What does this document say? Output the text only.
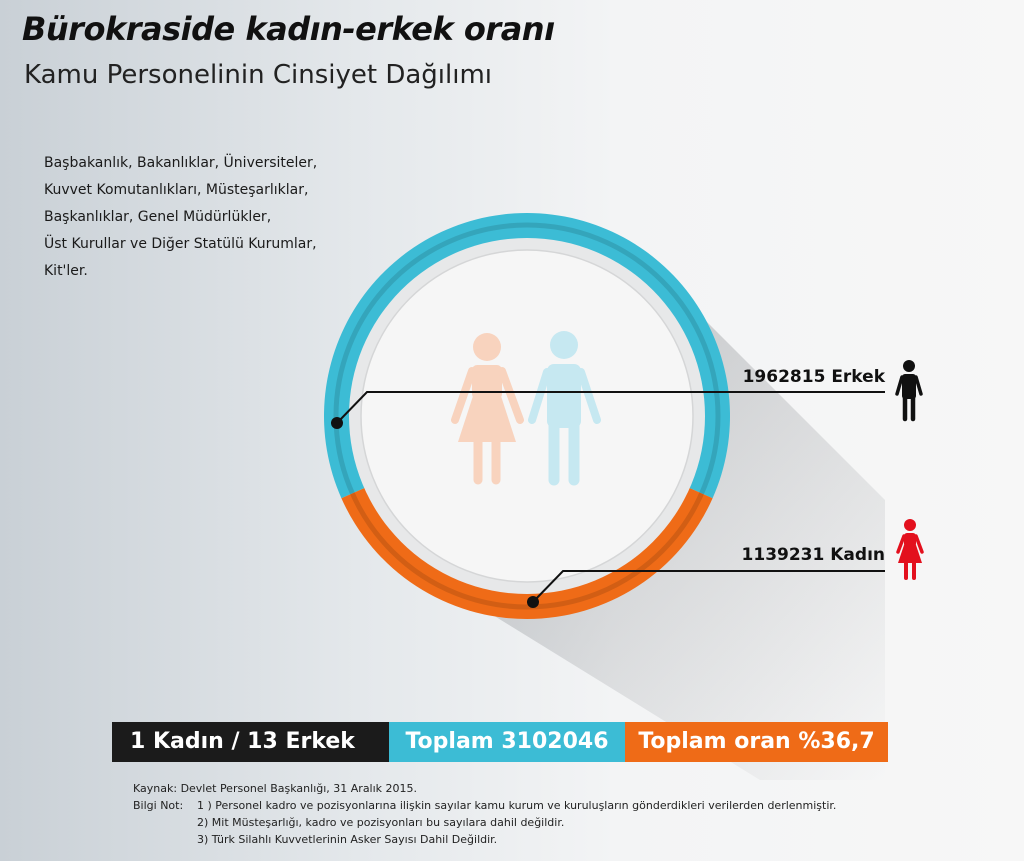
Bürokraside kadın-erkek oranı
Kamu Personelinin Cinsiyet Dağılımı
Başbakanlık, Bakanlıklar, Üniversiteler,
Kuvvet Komutanlıkları, Müsteşarlıklar,
Başkanlıklar, Genel Müdürlükler,
Üst Kurullar ve Diğer Statülü Kurumlar,
Kit'ler.
1962815 Erkek
1139231 Kadın
1 Kadın / 13 Erkek	Toplam 3102046	Toplam oran %36,7
Kaynak: Devlet Personel Başkanlığı, 31 Aralık 2015.
Bilgi Not: 1 ) Personel kadro ve pozisyonlarına ilişkin sayılar kamu kurum ve kuruluşların gönderdikleri verilerden derlenmiştir.
2) Mit Müsteşarlığı, kadro ve pozisyonları bu sayılara dahil değildir.
3) Türk Silahlı Kuvvetlerinin Asker Sayısı Dahil Değildir.
